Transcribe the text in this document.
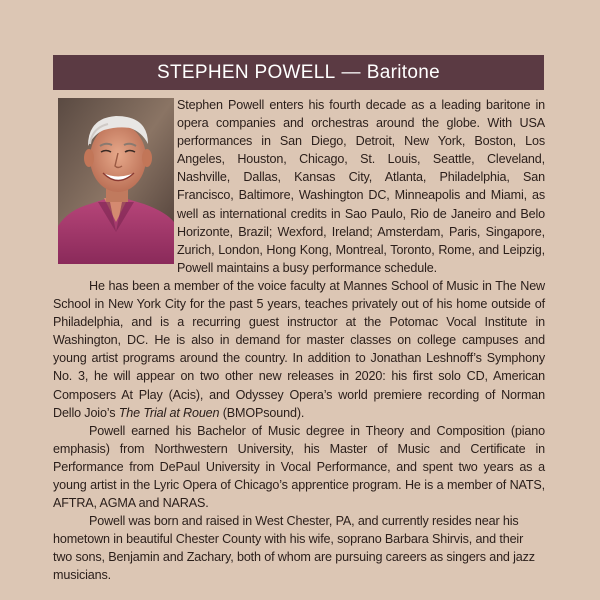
STEPHEN POWELL — Baritone

Stephen Powell enters his fourth decade as a leading baritone in opera companies and orchestras around the globe. With USA performances in San Diego, Detroit, New York, Boston, Los Angeles, Houston, Chicago, St. Louis, Seattle, Cleveland, Nashville, Dallas, Kansas City, Atlanta, Philadelphia, San Francisco, Baltimore, Washington DC, Minneapolis and Miami, as well as international credits in Sao Paulo, Rio de Janeiro and Belo Horizonte, Brazil; Wexford, Ireland; Amsterdam, Paris, Singapore, Zurich, London, Hong Kong, Montreal, Toronto, Rome, and Leipzig, Powell maintains a busy performance schedule.

He has been a member of the voice faculty at Mannes School of Music in The New School in New York City for the past 5 years, teaches privately out of his home outside of Philadelphia, and is a recurring guest instructor at the Potomac Vocal Institute in Washington, DC. He is also in demand for master classes on college campuses and young artist programs around the country. In addition to Jonathan Leshnoff’s Symphony No. 3, he will appear on two other new releases in 2020: his first solo CD, American Composers At Play (Acis), and Odyssey Opera’s world premiere recording of Norman Dello Joio’s The Trial at Rouen (BMOPsound).

Powell earned his Bachelor of Music degree in Theory and Composition (piano emphasis) from Northwestern University, his Master of Music and Certificate in Performance from DePaul University in Vocal Performance, and spent two years as a young artist in the Lyric Opera of Chicago’s apprentice program. He is a member of NATS, AFTRA, AGMA and NARAS.

Powell was born and raised in West Chester, PA, and currently resides near his hometown in beautiful Chester County with his wife, soprano Barbara Shirvis, and their two sons, Benjamin and Zachary, both of whom are pursuing careers as singers and jazz musicians.
